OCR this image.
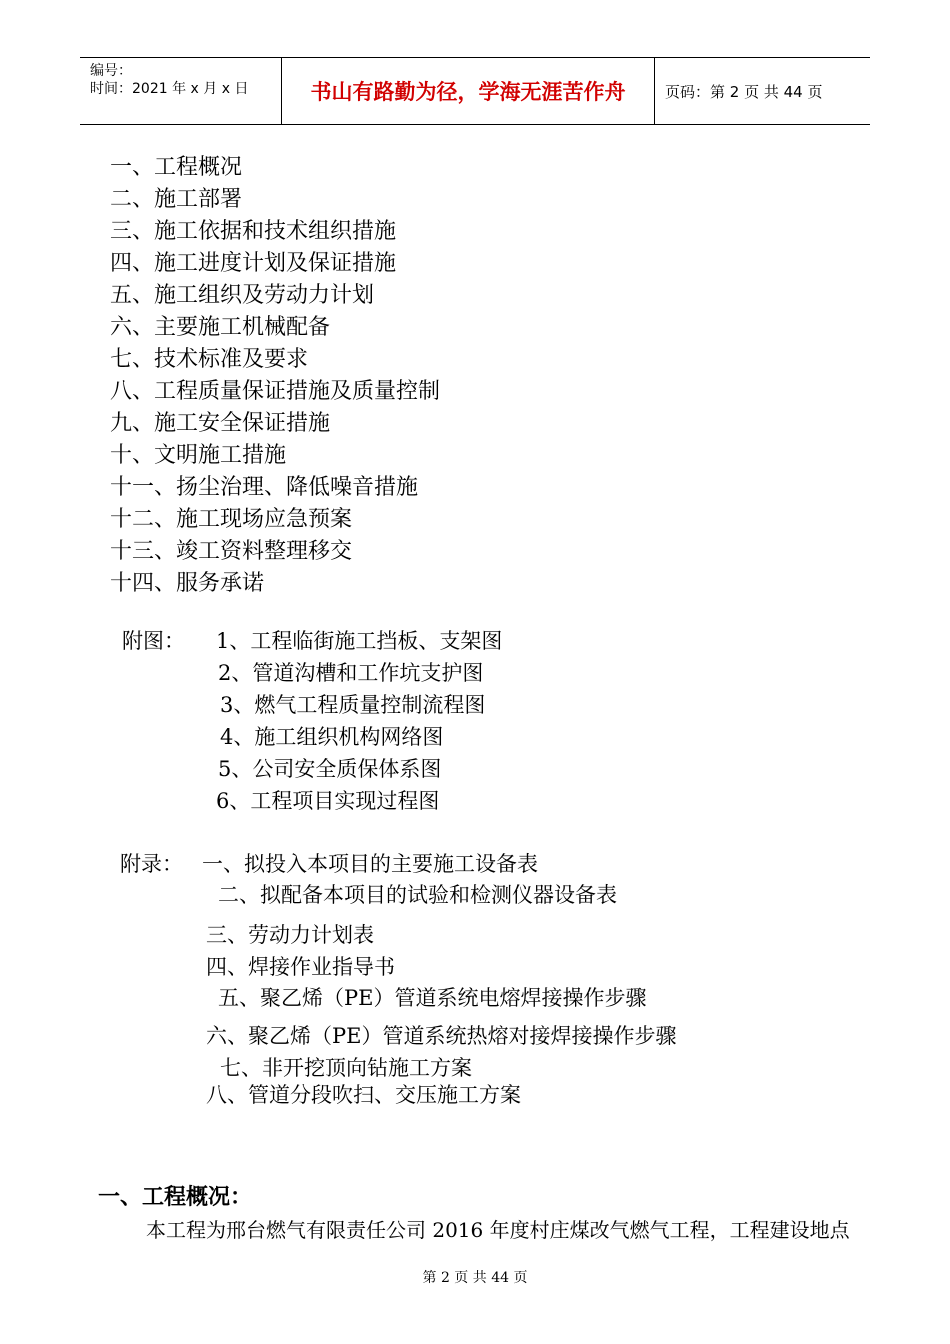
编号：
时间：2021 年 x 月 x 日	书山有路勤为径，学海无涯苦作舟	页码：第 2 页 共 44 页
一、工程概况
二、施工部署
三、施工依据和技术组织措施
四、施工进度计划及保证措施
五、施工组织及劳动力计划
六、主要施工机械配备
七、技术标准及要求
八、工程质量保证措施及质量控制
九、施工安全保证措施
十、文明施工措施
十一、扬尘治理、降低噪音措施
十二、施工现场应急预案
十三、竣工资料整理移交
十四、服务承诺
附图： 1、工程临街施工挡板、支架图
2、管道沟槽和工作坑支护图
3、燃气工程质量控制流程图
4、施工组织机构网络图
5、公司安全质保体系图
6、工程项目实现过程图
附录： 一、拟投入本项目的主要施工设备表
二、拟配备本项目的试验和检测仪器设备表
三、劳动力计划表
四、焊接作业指导书
五、聚乙烯（PE）管道系统电熔焊接操作步骤
六、聚乙烯（PE）管道系统热熔对接焊接操作步骤
七、非开挖顶向钻施工方案
八、管道分段吹扫、交压施工方案
一、工程概况：
本工程为邢台燃气有限责任公司 2016 年度村庄煤改气燃气工程，工程建设地点
第 2 页 共 44 页
